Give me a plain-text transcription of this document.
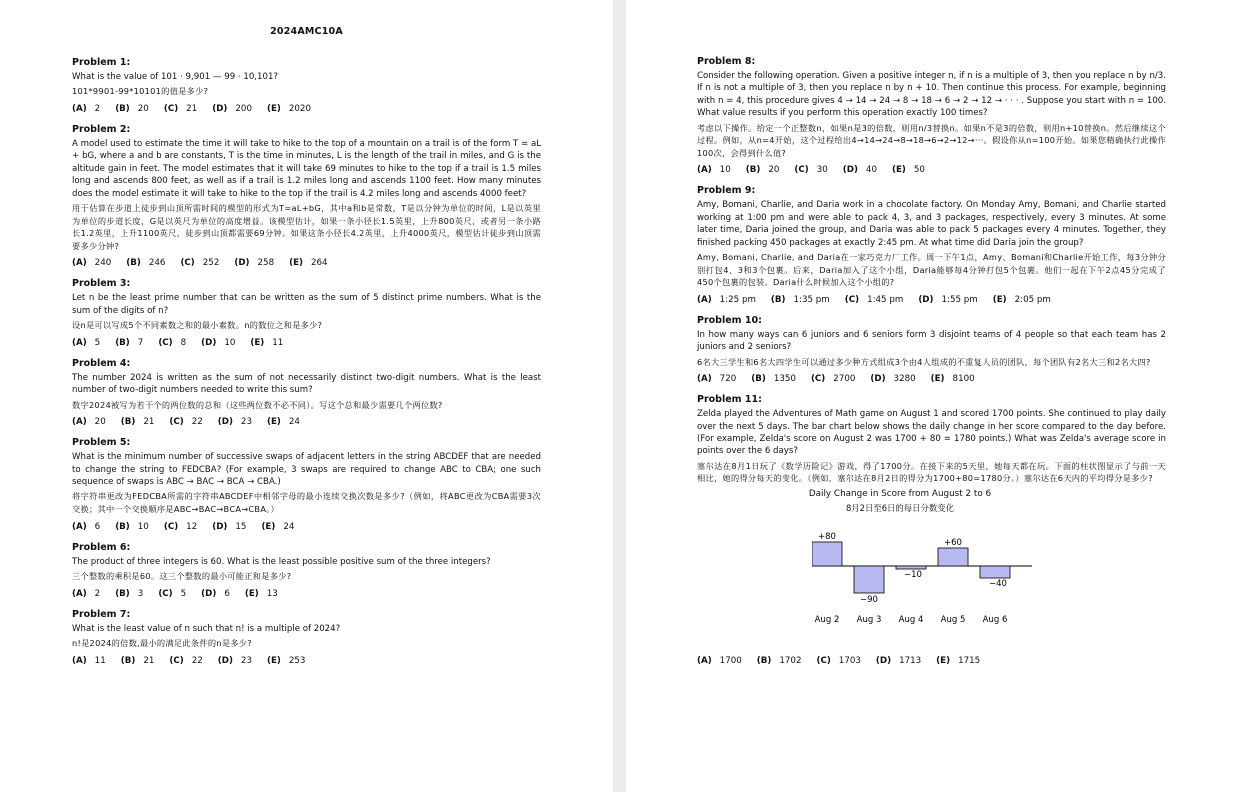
2024AMC10A
Problem 1:

What is the value of 101 · 9,901 — 99 · 10,101?

101*9901-99*10101的值是多少?

(A) 2 (B) 20 (C) 21 (D) 200 (E) 2020
Problem 2:

A model used to estimate the time it will take to hike to the top of a mountain on a trail is of the form T = aL + bG, where a and b are constants, T is the time in minutes, L is the length of the trail in miles, and G is the altitude gain in feet. The model estimates that it will take 69 minutes to hike to the top if a trail is 1.5 miles long and ascends 800 feet, as well as if a trail is 1.2 miles long and ascends 1100 feet. How many minutes does the model estimate it will take to hike to the top if the trail is 4.2 miles long and ascends 4000 feet?

用于估算在步道上徒步到山顶所需时间的模型的形式为T=aL+bG，其中a和b是常数，T是以分钟为单位的时间，L是以英里为单位的步道长度，G是以英尺为单位的高度增益。该模型估计，如果一条小径长1.5英里，上升800英尺，或者另一条小路长1.2英里，上升1100英尺，徒步到山顶都需要69分钟。如果这条小径长4.2英里，上升4000英尺，模型估计徒步到山顶需要多少分钟?

(A) 240 (B) 246 (C) 252 (D) 258 (E) 264
Problem 3:

Let n be the least prime number that can be written as the sum of 5 distinct prime numbers. What is the sum of the digits of n?

设n是可以写成5个不同素数之和的最小素数。n的数位之和是多少?

(A) 5 (B) 7 (C) 8 (D) 10 (E) 11
Problem 4:

The number 2024 is written as the sum of not necessarily distinct two-digit numbers. What is the least number of two-digit numbers needed to write this sum?

数字2024被写为若干个的两位数的总和（这些两位数不必不同）。写这个总和最少需要几个两位数?

(A) 20 (B) 21 (C) 22 (D) 23 (E) 24
Problem 5:

What is the minimum number of successive swaps of adjacent letters in the string ABCDEF that are needed to change the string to FEDCBA? (For example, 3 swaps are required to change ABC to CBA; one such sequence of swaps is ABC → BAC → BCA → CBA.)

将字符串更改为FEDCBA所需的字符串ABCDEF中相邻字母的最小连续交换次数是多少?（例如，将ABC更改为CBA需要3次交换；其中一个交换顺序是ABC→BAC→BCA→CBA。）

(A) 6 (B) 10 (C) 12 (D) 15 (E) 24
Problem 6:

The product of three integers is 60. What is the least possible positive sum of the three integers?

三个整数的乘积是60。这三个整数的最小可能正和是多少?

(A) 2 (B) 3 (C) 5 (D) 6 (E) 13
Problem 7:

What is the least value of n such that n! is a multiple of 2024?

n!是2024的倍数,最小的满足此条件的n是多少?

(A) 11 (B) 21 (C) 22 (D) 23 (E) 253
Problem 8:

Consider the following operation. Given a positive integer n, if n is a multiple of 3, then you replace n by n/3. If n is not a multiple of 3, then you replace n by n + 10. Then continue this process. For example, beginning with n = 4, this procedure gives 4 → 14 → 24 → 8 → 18 → 6 → 2 → 12 → · · · . Suppose you start with n = 100. What value results if you perform this operation exactly 100 times?

考虑以下操作。给定一个正整数n，如果n是3的倍数，则用n/3替换n。如果n不是3的倍数，则用n+10替换n。然后继续这个过程。例如，从n=4开始，这个过程给出4→14→24→8→18→6→2→12→···。假设你从n=100开始。如果您精确执行此操作100次，会得到什么值?

(A) 10 (B) 20 (C) 30 (D) 40 (E) 50
Problem 9:

Amy, Bomani, Charlie, and Daria work in a chocolate factory. On Monday Amy, Bomani, and Charlie started working at 1:00 pm and were able to pack 4, 3, and 3 packages, respectively, every 3 minutes. At some later time, Daria joined the group, and Daria was able to pack 5 packages every 4 minutes. Together, they finished packing 450 packages at exactly 2:45 pm. At what time did Daria join the group?

Amy, Bomani, Charlie, and Daria在一家巧克力厂工作。周一下午1点，Amy、Bomani和Charlie开始工作，每3分钟分别打包4、3和3个包裹。后来，Daria加入了这个小组，Daria能够每4分钟打包5个包裹。他们一起在下午2点45分完成了450个包裹的包装。Daria什么时候加入这个小组的?

(A) 1:25 pm (B) 1:35 pm (C) 1:45 pm (D) 1:55 pm (E) 2:05 pm
Problem 10:

In how many ways can 6 juniors and 6 seniors form 3 disjoint teams of 4 people so that each team has 2 juniors and 2 seniors?

6名大三学生和6名大四学生可以通过多少种方式组成3个由4人组成的不重复人员的团队，每个团队有2名大三和2名大四?

(A) 720 (B) 1350 (C) 2700 (D) 3280 (E) 8100
Problem 11:

Zelda played the Adventures of Math game on August 1 and scored 1700 points. She continued to play daily over the next 5 days. The bar chart below shows the daily change in her score compared to the day before. (For example, Zelda's score on August 2 was 1700 + 80 = 1780 points.) What was Zelda's average score in points over the 6 days?

塞尔达在8月1日玩了《数学历险记》游戏，得了1700分。在接下来的5天里，她每天都在玩。下面的柱状图显示了与前一天相比，她的得分每天的变化。（例如，塞尔达在8月2日的得分为1700+80=1780分。）塞尔达在6天内的平均得分是多少?

Daily Change in Score from August 2 to 6
8月2日至6日的每日分数变化
+80
Aug 2
−90
Aug 3
−10
Aug 4
+60
Aug 5
−40
Aug 6
(A) 1700 (B) 1702 (C) 1703 (D) 1713 (E) 1715
